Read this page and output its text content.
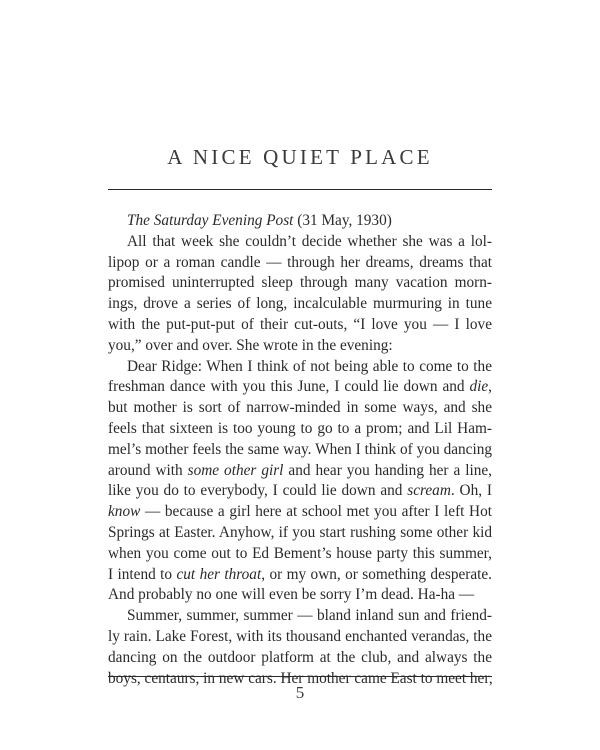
A NICE QUIET PLACE
The Saturday Evening Post (31 May, 1930)
All that week she couldn’t decide whether she was a lol-
lipop or a roman candle — through her dreams, dreams that
promised uninterrupted sleep through many vacation morn-
ings, drove a series of long, incalculable murmuring in tune
with the put-put-put of their cut-outs, “I love you — I love
you,” over and over. She wrote in the evening:
Dear Ridge: When I think of not being able to come to the
freshman dance with you this June, I could lie down and die,
but mother is sort of narrow-minded in some ways, and she
feels that sixteen is too young to go to a prom; and Lil Ham-
mel’s mother feels the same way. When I think of you dancing
around with some other girl and hear you handing her a line,
like you do to everybody, I could lie down and scream. Oh, I
know — because a girl here at school met you after I left Hot
Springs at Easter. Anyhow, if you start rushing some other kid
when you come out to Ed Bement’s house party this summer,
I intend to cut her throat, or my own, or something desperate.
And probably no one will even be sorry I’m dead. Ha-ha —
Summer, summer, summer — bland inland sun and friend-
ly rain. Lake Forest, with its thousand enchanted verandas, the
dancing on the outdoor platform at the club, and always the
boys, centaurs, in new cars. Her mother came East to meet her,
5
